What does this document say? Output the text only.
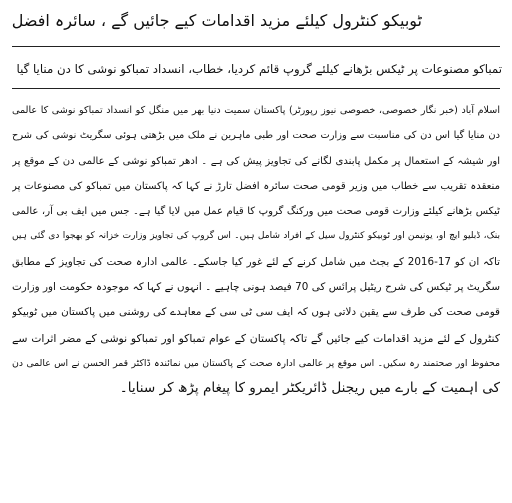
ٹوبیکو کنٹرول کیلئے مزید اقدامات کیے جائیں گے ، سائرہ افضل
تمباکو مصنوعات پر ٹیکس بڑھانے کیلئے گروپ قائم کردیا، خطاب، انسداد تمباکو نوشی کا دن منایا گیا
اسلام آباد (خبر نگار خصوصی، خصوصی نیوز رپورٹر) پاکستان سمیت دنیا بھر میں منگل کو انسداد تمباکو نوشی کا عالمی
دن منایا گیا اس دن کی مناسبت سے وزارت صحت اور طبی ماہرین نے ملک میں بڑھتی ہوئی سگریٹ نوشی کی شرح
اور شیشہ کے استعمال پر مکمل پابندی لگانے کی تجاویز پیش کی ہے ۔ ادھر تمباکو نوشی کے عالمی دن کے موقع پر
منعقدہ تقریب سے خطاب میں وزیر قومی صحت سائرہ افضل تارڑ نے کہا کہ پاکستان میں تمباکو کی مصنوعات پر
ٹیکس بڑھانے کیلئے وزارت قومی صحت میں ورکنگ گروپ کا قیام عمل میں لایا گیا ہے۔ جس میں ایف بی آر، عالمی
بنک، ڈبلیو ایچ او، یونیمن اور ٹوبیکو کنٹرول سیل کے افراد شامل ہیں۔ اس گروپ کی تجاویز وزارت خزانہ کو بھجوا دی گئی ہیں
تاکہ ان کو 17-2016 کے بجٹ میں شامل کرنے کے لئے غور کیا جاسکے۔ عالمی ادارہ صحت کی تجاویز کے مطابق
سگریٹ پر ٹیکس کی شرح ریٹیل پرائس کی 70 فیصد ہونی چاہیے ۔ انہوں نے کہا کہ موجودہ حکومت اور وزارت
قومی صحت کی طرف سے یقین دلاتی ہوں کہ ایف سی ٹی سی کے معاہدے کی روشنی میں پاکستان میں ٹوبیکو
کنٹرول کے لئے مزید اقدامات کیے جائیں گے تاکہ پاکستان کے عوام تمباکو اور تمباکو نوشی کے مضر اثرات سے
محفوظ اور صحتمند رہ سکیں۔ اس موقع پر عالمی ادارہ صحت کے پاکستان میں نمائندہ ڈاکٹر قمر الحسن نے اس عالمی دن
کی اہمیت کے بارے میں ریجنل ڈائریکٹر ایمرو کا پیغام پڑھ کر سنایا۔
